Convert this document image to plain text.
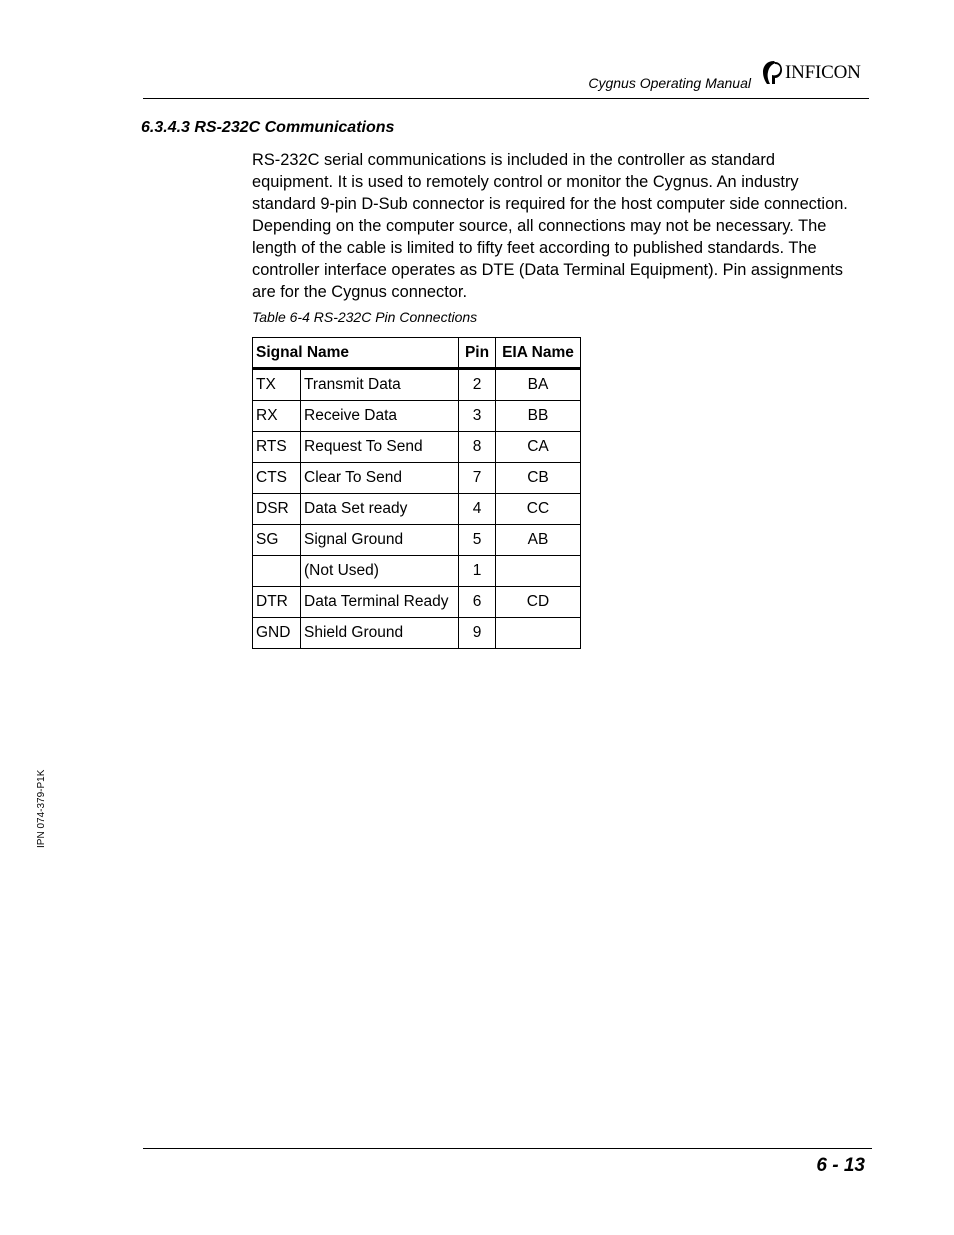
Cygnus Operating Manual INFICON
6.3.4.3 RS-232C Communications
RS-232C serial communications is included in the controller as standard
equipment. It is used to remotely control or monitor the Cygnus. An industry
standard 9-pin D-Sub connector is required for the host computer side connection.
Depending on the computer source, all connections may not be necessary. The
length of the cable is limited to fifty feet according to published standards. The
controller interface operates as DTE (Data Terminal Equipment). Pin assignments
are for the Cygnus connector.
Table 6-4 RS-232C Pin Connections
Signal Name		Pin	EIA Name
TX	Transmit Data	2	BA
RX	Receive Data	3	BB
RTS	Request To Send	8	CA
CTS	Clear To Send	7	CB
DSR	Data Set ready	4	CC
SG	Signal Ground	5	AB
	(Not Used)	1	
DTR	Data Terminal Ready	6	CD
GND	Shield Ground	9	
IPN 074-379-P1K
6 - 13
